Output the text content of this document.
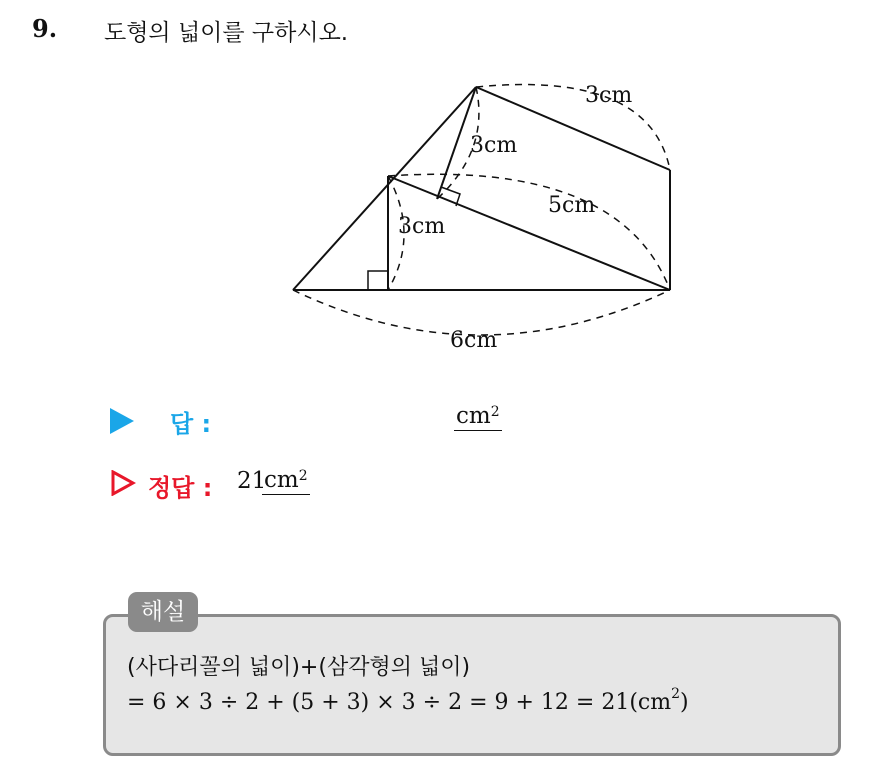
9. 도형의 넓이를 구하시오.
3cm
3cm
5cm
3cm
6cm
답 :	$cm^2$
정답 : 21
$cm^2$
해설
(사다리꼴의 넓이)+(삼각형의 넓이)
= $6 \times 3 \div 2 + (5 + 3) \times 3 \div 2 = 9 + 12 = 21(cm^2)$
